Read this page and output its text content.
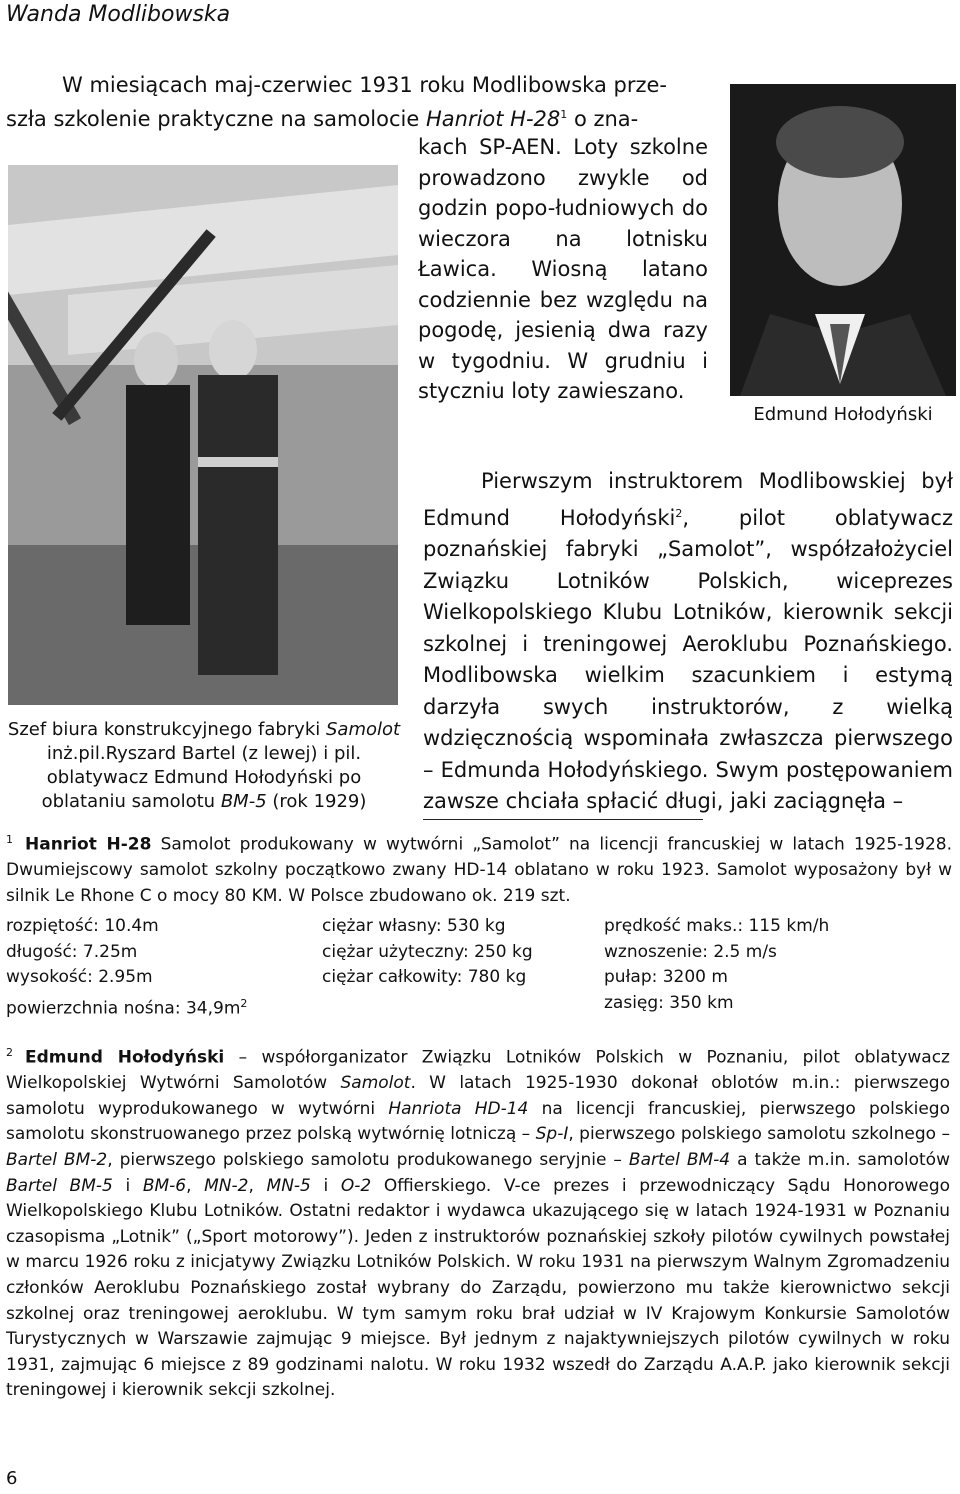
Wanda Modlibowska

W miesiącach maj-czerwiec 1931 roku Modlibowska prze-
szła szkolenie praktyczne na samolocie Hanriot $H-28^1$ o zna-

kach SP-AEN. Loty szkolne prowadzono zwykle od godzin popo-łudniowych do wieczora na lotnisku Ławica. Wiosną latano codziennie bez względu na pogodę, jesienią dwa razy w tygodniu. W grudniu i styczniu loty zawieszano.
Edmund Hołodyński
Szef biura konstrukcyjnego fabryki Samolot inż.pil.Ryszard Bartel (z lewej) i pil. oblatywacz Edmund Hołodyński po oblataniu samolotu BM-5 (rok 1929)
Pierwszym instruktorem Modlibowskiej był Edmund Hołodyński$^2$, pilot oblatywacz poznańskiej fabryki „Samolot”, współzałożyciel Związku Lotników Polskich, wiceprezes Wielkopolskiego Klubu Lotników, kierownik sekcji szkolnej i treningowej Aeroklubu Poznańskiego. Modlibowska wielkim szacunkiem i estymą darzyła swych instruktorów, z wielką wdzięcznością wspominała zwłaszcza pierwszego – Edmunda Hołodyńskiego. Swym postępowaniem zawsze chciała spłacić długi, jaki zaciągnęła –
$^1$ Hanriot H-28 Samolot produkowany w wytwórni „Samolot” na licencji francuskiej w latach 1925-1928. Dwumiejscowy samolot szkolny początkowo zwany HD-14 oblatano w roku 1923. Samolot wyposażony był w silnik Le Rhone C o mocy 80 KM. W Polsce zbudowano ok. 219 szt.
rozpiętość: 10.4m
długość: 7.25m
wysokość: 2.95m
powierzchnia nośna: $34,9m^2$
ciężar własny: 530 kg
ciężar użyteczny: 250 kg
ciężar całkowity: 780 kg
prędkość maks.: 115 km/h
wznoszenie: 2.5 m/s
pułap: 3200 m
zasięg: 350 km
$^2$ Edmund Hołodyński – współorganizator Związku Lotników Polskich w Poznaniu, pilot oblatywacz Wielkopolskiej Wytwórni Samolotów Samolot. W latach 1925-1930 dokonał oblotów m.in.: pierwszego samolotu wyprodukowanego w wytwórni Hanriota HD-14 na licencji francuskiej, pierwszego polskiego samolotu skonstruowanego przez polską wytwórnię lotniczą – Sp-I, pierwszego polskiego samolotu szkolnego – Bartel BM-2, pierwszego polskiego samolotu produkowanego seryjnie – Bartel BM-4 a także m.in. samolotów Bartel BM-5 i BM-6, MN-2, MN-5 i O-2 Offierskiego. V-ce prezes i przewodniczący Sądu Honorowego Wielkopolskiego Klubu Lotników. Ostatni redaktor i wydawca ukazującego się w latach 1924-1931 w Poznaniu czasopisma „Lotnik” („Sport motorowy”). Jeden z instruktorów poznańskiej szkoły pilotów cywilnych powstałej w marcu 1926 roku z inicjatywy Związku Lotników Polskich. W roku 1931 na pierwszym Walnym Zgromadzeniu członków Aeroklubu Poznańskiego został wybrany do Zarządu, powierzono mu także kierownictwo sekcji szkolnej oraz treningowej aeroklubu. W tym samym roku brał udział w IV Krajowym Konkursie Samolotów Turystycznych w Warszawie zajmując 9 miejsce. Był jednym z najaktywniejszych pilotów cywilnych w roku 1931, zajmując 6 miejsce z 89 godzinami nalotu. W roku 1932 wszedł do Zarządu A.A.P. jako kierownik sekcji treningowej i kierownik sekcji szkolnej.
6
